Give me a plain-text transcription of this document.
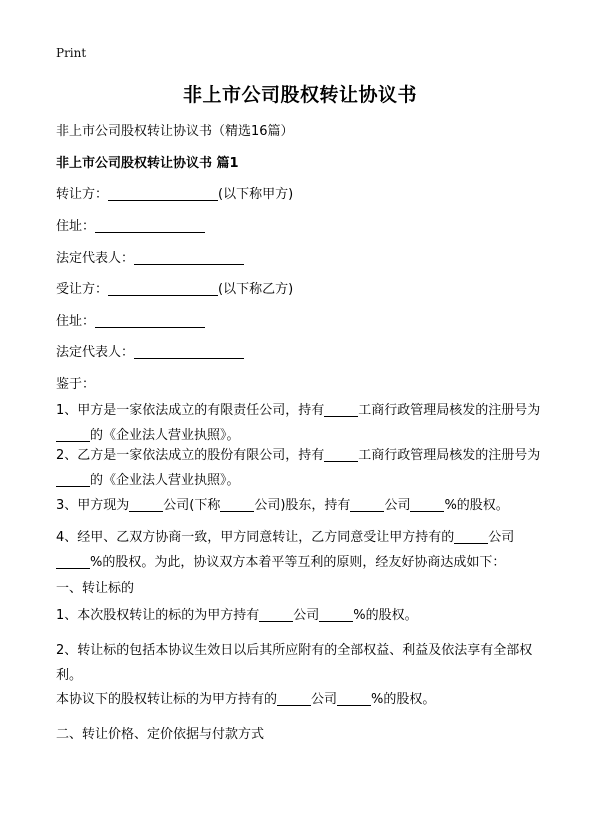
Print
非上市公司股权转让协议书
非上市公司股权转让协议书（精选16篇）
非上市公司股权转让协议书 篇1
转让方：	(以下称甲方)
住址：
法定代表人：
受让方：	(以下称乙方)
住址：
法定代表人：
鉴于：
1、甲方是一家依法成立的有限责任公司，持有	工商行政管理局核发的注册号为的《企业法人营业执照》。
2、乙方是一家依法成立的股份有限公司，持有	工商行政管理局核发的注册号为的《企业法人营业执照》。
3、甲方现为	公司(下称	公司)股东，持有	公司	%的股权。
4、经甲、乙双方协商一致，甲方同意转让，乙方同意受让甲方持有的	公司%的股权。为此，协议双方本着平等互利的原则，经友好协商达成如下：
一、转让标的
1、本次股权转让的标的为甲方持有	公司	%的股权。
2、转让标的包括本协议生效日以后其所应附有的全部权益、利益及依法享有全部权利。
本协议下的股权转让标的为甲方持有的	公司	%的股权。
二、转让价格、定价依据与付款方式
